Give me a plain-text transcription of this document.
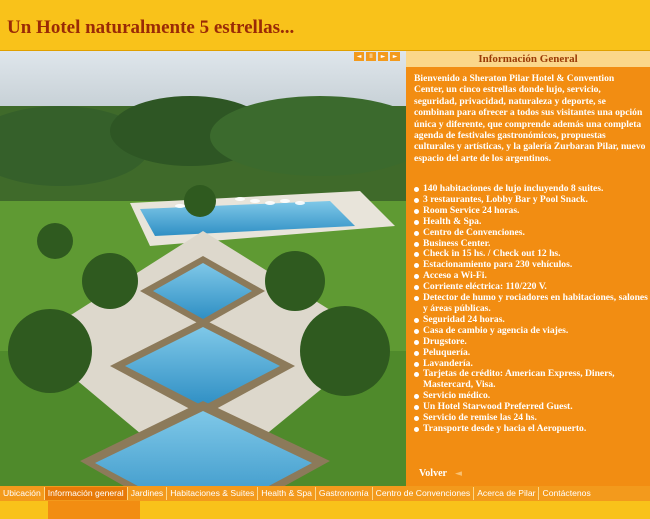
Un Hotel naturalmente 5 estrellas...
◄	II	►	►	Información General

Bienvenido a Sheraton Pilar Hotel & Convention Center, un cinco estrellas donde lujo, servicio, seguridad, privacidad, naturaleza y deporte, se combinan para ofrecer a todos sus visitantes una opción única y diferente, que comprende además una completa agenda de festivales gastronómicos, propuestas culturales y artísticas, y la galería Zurbaran Pilar, nuevo espacio del arte de los argentinos.

140 habitaciones de lujo incluyendo 8 suites.
3 restaurantes, Lobby Bar y Pool Snack.
Room Service 24 horas.
Health & Spa.
Centro de Convenciones.
Business Center.
Check in 15 hs. / Check out 12 hs.
Estacionamiento para 230 vehículos.
Acceso a Wi-Fi.
Corriente eléctrica: 110/220 V.
Detector de humo y rociadores en habitaciones, salones y áreas públicas.
Seguridad 24 horas.
Casa de cambio y agencia de viajes.
Drugstore.
Peluquería.
Lavandería.
Tarjetas de crédito: American Express, Diners, Mastercard, Visa.
Servicio médico.
Un Hotel Starwood Preferred Guest.
Servicio de remise las 24 hs.
Transporte desde y hacia el Aeropuerto.
Volver ◄
Ubicación Información general Jardines Habitaciones & Suites Health & Spa Gastronomía Centro de Convenciones Acerca de Pilar Contáctenos
